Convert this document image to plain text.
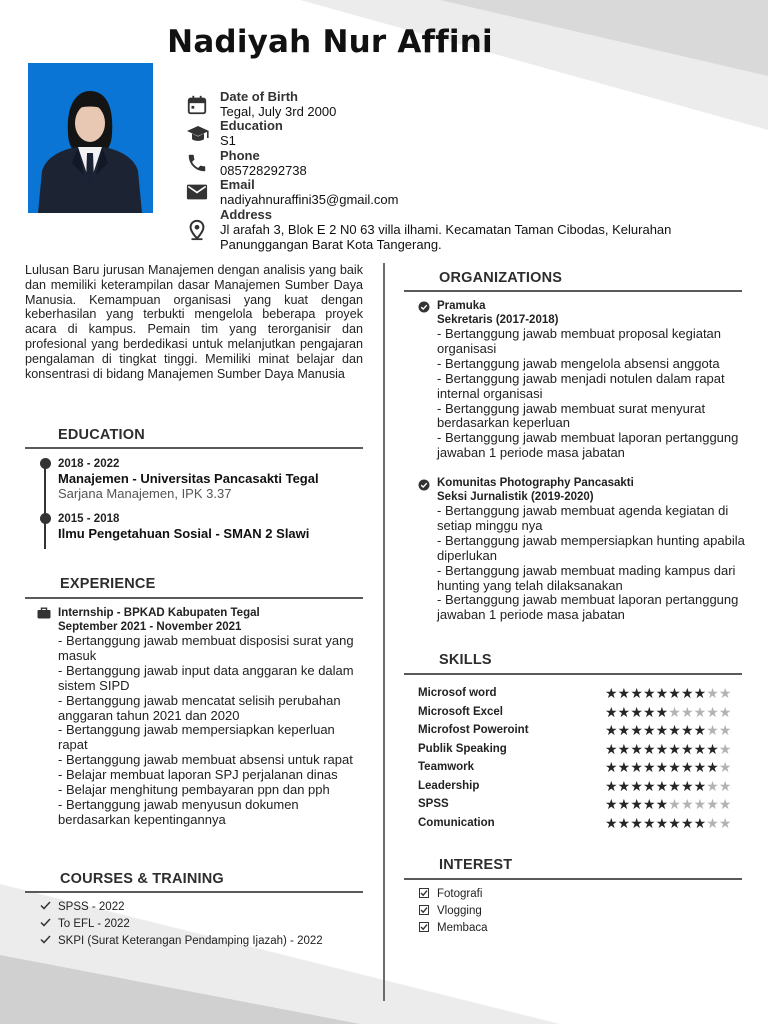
Nadiyah Nur Affini
Date of Birth
Tegal, July 3rd 2000
Education
S1
Phone
085728292738
Email
nadiyahnuraffini35@gmail.com
Address
Jl arafah 3, Blok E 2 N0 63 villa ilhami. Kecamatan Taman Cibodas, Kelurahan Panunggangan Barat Kota Tangerang.
Lulusan Baru jurusan Manajemen dengan analisis yang baik dan memiliki keterampilan dasar Manajemen Sumber Daya Manusia. Kemampuan organisasi yang kuat dengan keberhasilan yang terbukti mengelola beberapa proyek acara di kampus. Pemain tim yang terorganisir dan profesional yang berdedikasi untuk melanjutkan pengajaran pengalaman di tingkat tinggi. Memiliki minat belajar dan konsentrasi di bidang Manajemen Sumber Daya Manusia
EDUCATION
2018 - 2022
Manajemen - Universitas Pancasakti Tegal
Sarjana Manajemen, IPK 3.37
2015 - 2018
Ilmu Pengetahuan Sosial - SMAN 2 Slawi
EXPERIENCE
Internship - BPKAD Kabupaten Tegal
September 2021 - November 2021
- Bertanggung jawab membuat disposisi surat yang masuk
- Bertanggung jawab input data anggaran ke dalam sistem SIPD
- Bertanggung jawab mencatat selisih perubahan anggaran tahun 2021 dan 2020
- Bertanggung jawab mempersiapkan keperluan rapat
- Bertanggung jawab membuat absensi untuk rapat
- Belajar membuat laporan SPJ perjalanan dinas
- Belajar menghitung pembayaran ppn dan pph
- Bertanggung jawab menyusun dokumen berdasarkan kepentingannya
COURSES & TRAINING
SPSS - 2022
To EFL - 2022
SKPI (Surat Keterangan Pendamping Ijazah) - 2022
ORGANIZATIONS
Pramuka
Sekretaris (2017-2018)
- Bertanggung jawab membuat proposal kegiatan organisasi
- Bertanggung jawab mengelola absensi anggota
- Bertanggung jawab menjadi notulen dalam rapat internal organisasi
- Bertanggung jawab membuat surat menyurat berdasarkan keperluan
- Bertanggung jawab membuat laporan pertanggung jawaban 1 periode masa jabatan
Komunitas Photography Pancasakti
Seksi Jurnalistik (2019-2020)
- Bertanggung jawab membuat agenda kegiatan di setiap minggu nya
- Bertanggung jawab mempersiapkan hunting apabila diperlukan
- Bertanggung jawab membuat mading kampus dari hunting yang telah dilaksanakan
- Bertanggung jawab membuat laporan pertanggung jawaban 1 periode masa jabatan
SKILLS
Microsof word	★★★★★★★★★★
Microsoft Excel	★★★★★★★★★★
Microfost Poweroint	★★★★★★★★★★
Publik Speaking	★★★★★★★★★★
Teamwork	★★★★★★★★★★
Leadership	★★★★★★★★★★
SPSS	★★★★★★★★★★
Comunication	★★★★★★★★★★
INTEREST
Fotografi
Vlogging
Membaca
